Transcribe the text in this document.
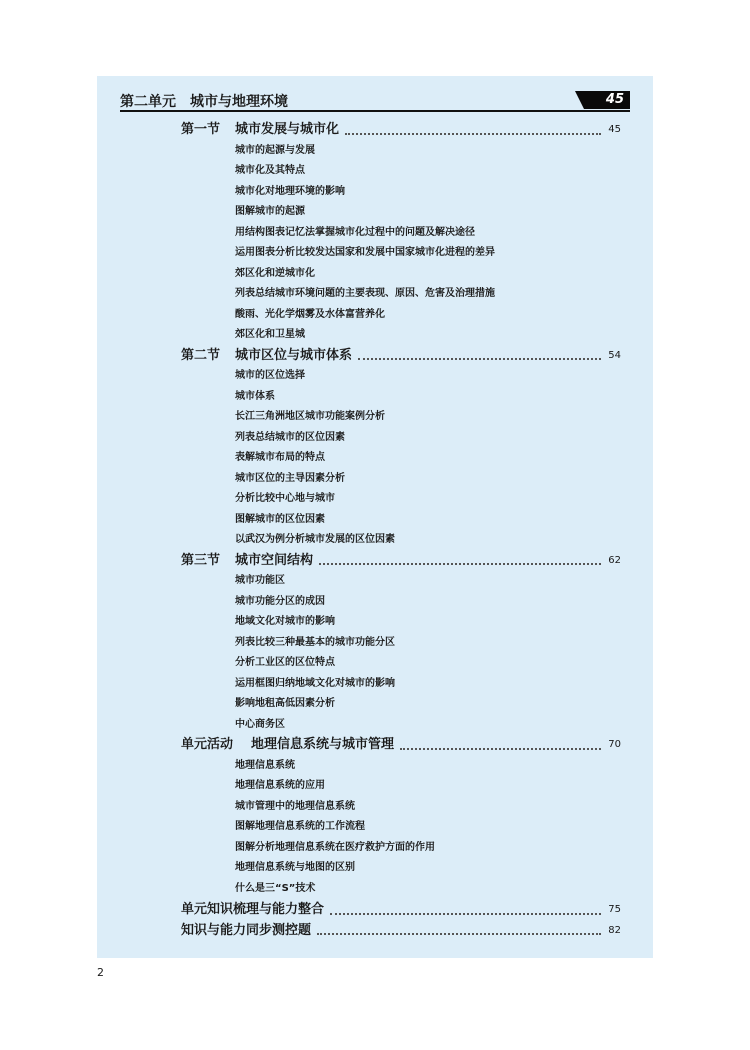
第二单元　城市与地理环境	45
第一节	城市发展与城市化	45
城市的起源与发展
城市化及其特点
城市化对地理环境的影响
图解城市的起源
用结构图表记忆法掌握城市化过程中的问题及解决途径
运用图表分析比较发达国家和发展中国家城市化进程的差异
郊区化和逆城市化
列表总结城市环境问题的主要表现、原因、危害及治理措施
酸雨、光化学烟雾及水体富营养化
郊区化和卫星城
第二节	城市区位与城市体系	54
城市的区位选择
城市体系
长江三角洲地区城市功能案例分析
列表总结城市的区位因素
表解城市布局的特点
城市区位的主导因素分析
分析比较中心地与城市
图解城市的区位因素
以武汉为例分析城市发展的区位因素
第三节	城市空间结构	62
城市功能区
城市功能分区的成因
地域文化对城市的影响
列表比较三种最基本的城市功能分区
分析工业区的区位特点
运用框图归纳地域文化对城市的影响
影响地租高低因素分析
中心商务区
单元活动	地理信息系统与城市管理	70
地理信息系统
地理信息系统的应用
城市管理中的地理信息系统
图解地理信息系统的工作流程
图解分析地理信息系统在医疗救护方面的作用
地理信息系统与地图的区别
什么是三“S”技术
单元知识梳理与能力整合	75
知识与能力同步测控题	82
2
